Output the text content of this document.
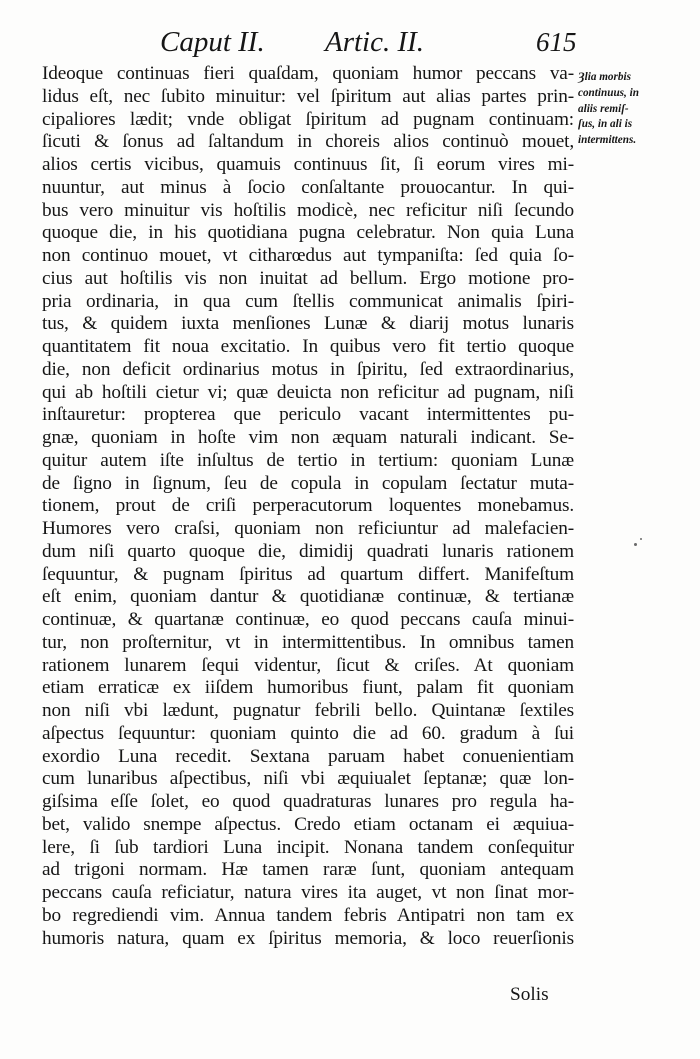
Caput II. Artic. II.	615
Ideoque continuas fieri quaſdam, quoniam humor peccans va-
lidus eſt, nec ſubito minuitur: vel ſpiritum aut alias partes prin-
cipaliores lædit; vnde obligat ſpiritum ad pugnam continuam:
ſicuti & ſonus ad ſaltandum in choreis alios continuò mouet,
alios certis vicibus, quamuis continuus ſit, ſi eorum vires mi-
nuuntur, aut minus à ſocio conſaltante prouocantur. In qui-
bus vero minuitur vis hoſtilis modicè, nec reficitur niſi ſecundo
quoque die, in his quotidiana pugna celebratur. Non quia Luna
non continuo mouet, vt citharœdus aut tympaniſta: ſed quia ſo-
cius aut hoſtilis vis non inuitat ad bellum. Ergo motione pro-
pria ordinaria, in qua cum ſtellis communicat animalis ſpiri-
tus, & quidem iuxta menſiones Lunæ & diarij motus lunaris
quantitatem fit noua excitatio. In quibus vero fit tertio quoque
die, non deficit ordinarius motus in ſpiritu, ſed extraordinarius,
qui ab hoſtili cietur vi; quæ deuicta non reficitur ad pugnam, niſi
inſtauretur: propterea que periculo vacant intermittentes pu-
gnæ, quoniam in hoſte vim non æquam naturali indicant. Se-
quitur autem iſte inſultus de tertio in tertium: quoniam Lunæ
de ſigno in ſignum, ſeu de copula in copulam ſectatur muta-
tionem, prout de criſi perperacutorum loquentes monebamus.
Humores vero craſsi, quoniam non reficiuntur ad malefacien-
dum niſi quarto quoque die, dimidij quadrati lunaris rationem
ſequuntur, & pugnam ſpiritus ad quartum differt. Manifeſtum
eſt enim, quoniam dantur & quotidianæ continuæ, & tertianæ
continuæ, & quartanæ continuæ, eo quod peccans cauſa minui-
tur, non proſternitur, vt in intermittentibus. In omnibus tamen
rationem lunarem ſequi videntur, ſicut & criſes. At quoniam
etiam erraticæ ex iiſdem humoribus fiunt, palam fit quoniam
non niſi vbi lædunt, pugnatur febrili bello. Quintanæ ſextiles
aſpectus ſequuntur: quoniam quinto die ad 60. gradum à ſui
exordio Luna recedit. Sextana paruam habet conuenientiam
cum lunaribus aſpectibus, niſi vbi æquiualet ſeptanæ; quæ lon-
giſsima eſſe ſolet, eo quod quadraturas lunares pro regula ha-
bet, valido snempe aſpectus. Credo etiam octanam ei æquiua-
lere, ſi ſub tardiori Luna incipit. Nonana tandem conſequitur
ad trigoni normam. Hæ tamen raræ ſunt, quoniam antequam
peccans cauſa reficiatur, natura vires ita auget, vt non ſinat mor-
bo regrediendi vim. Annua tandem febris Antipatri non tam ex
humoris natura, quam ex ſpiritus memoria, & loco reuerſionis
Ȝlia morbis
continuus, in
aliis remiſ-
ſus, in ali is
intermittens.
Solis
